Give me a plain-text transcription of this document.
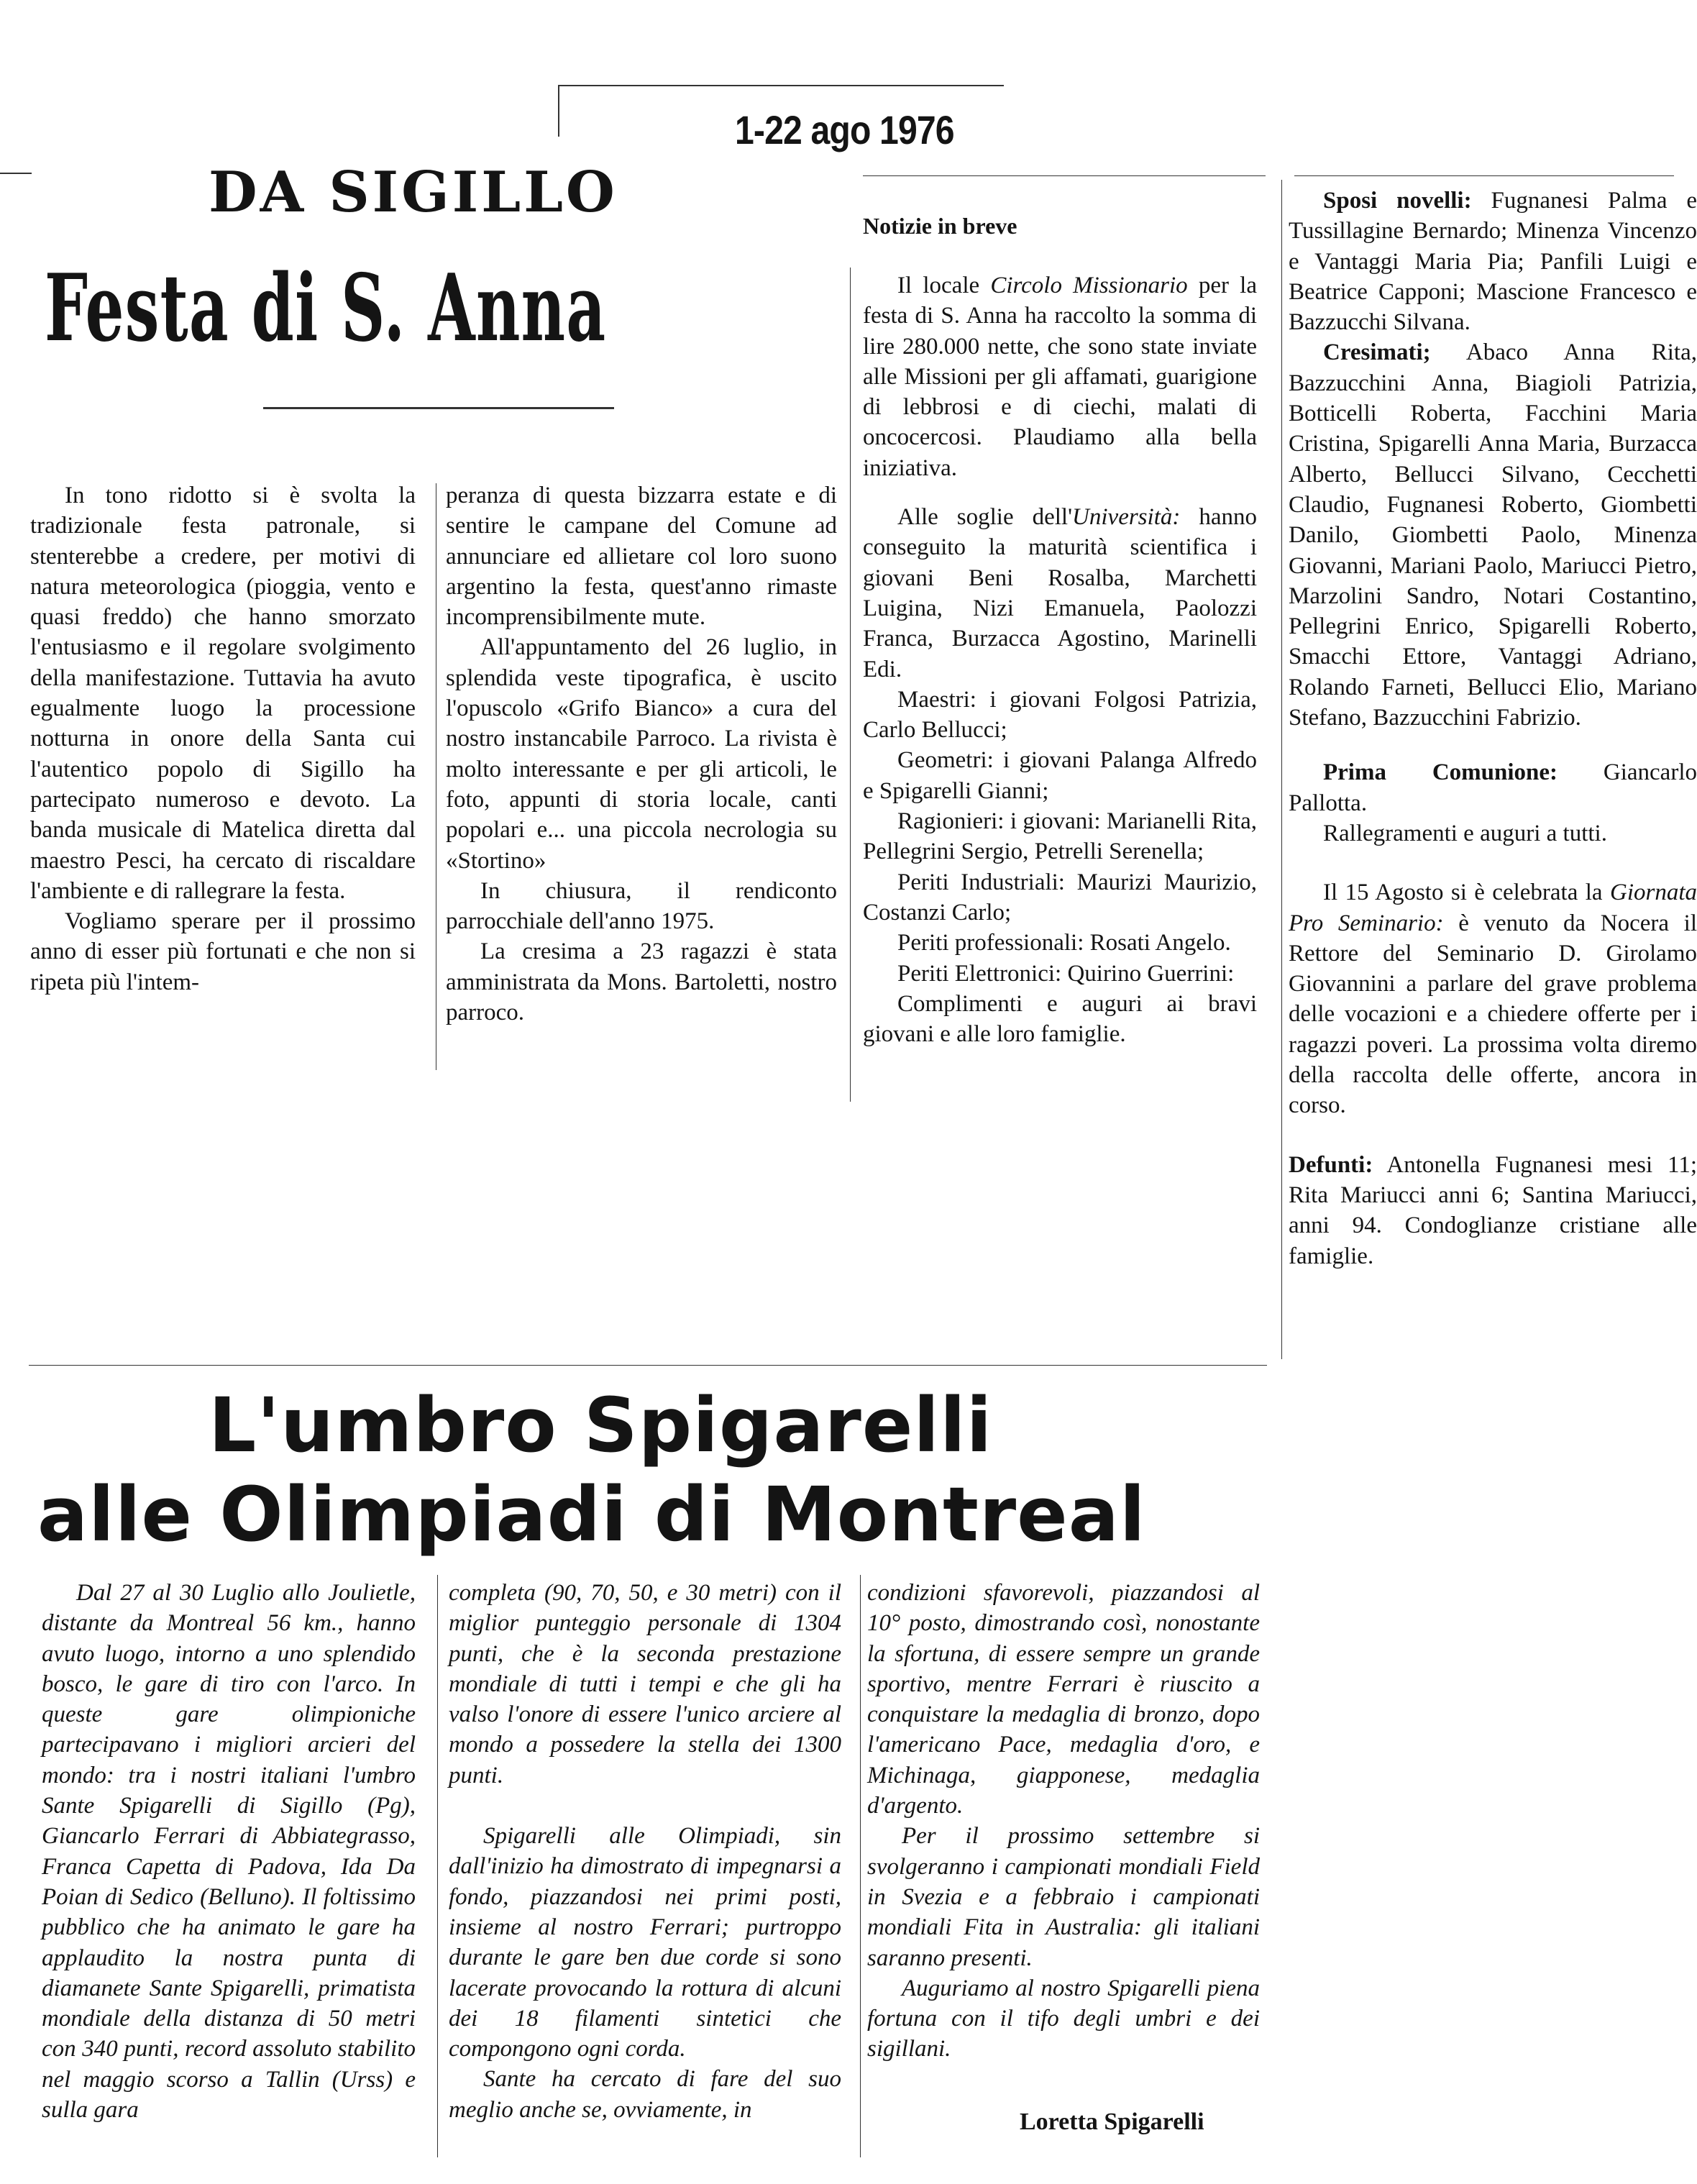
1-22 ago 1976
DA SIGILLO
Festa di S. Anna

In tono ridotto si è svolta la tradizionale festa patronale, si stenterebbe a credere, per motivi di natura meteorologica (pioggia, vento e quasi freddo) che hanno smorzato l'entusiasmo e il regolare svolgimento della manifestazione. Tuttavia ha avuto egualmente luogo la processione notturna in onore della Santa cui l'autentico popolo di Sigillo ha partecipato numeroso e devoto. La banda musicale di Matelica diretta dal maestro Pesci, ha cercato di riscaldare l'ambiente e di rallegrare la festa.

Vogliamo sperare per il prossimo anno di esser più fortunati e che non si ripeta più l'intem-

peranza di questa bizzarra estate e di sentire le campane del Comune ad annunciare ed allietare col loro suono argentino la festa, quest'anno rimaste incomprensibilmente mute.

All'appuntamento del 26 luglio, in splendida veste tipografica, è uscito l'opuscolo «Grifo Bianco» a cura del nostro instancabile Parroco. La rivista è molto interessante e per gli articoli, le foto, appunti di storia locale, canti popolari e... una piccola necrologia su «Stortino»

In chiusura, il rendiconto parrocchiale dell'anno 1975.

La cresima a 23 ragazzi è stata amministrata da Mons. Bartoletti, nostro parroco.

Notizie in breve

Il locale Circolo Missionario per la festa di S. Anna ha raccolto la somma di lire 280.000 nette, che sono state inviate alle Missioni per gli affamati, guarigione di lebbrosi e di ciechi, malati di oncocercosi. Plaudiamo alla bella iniziativa.

Alle soglie dell'Università: hanno conseguito la maturità scientifica i giovani Beni Rosalba, Marchetti Luigina, Nizi Emanuela, Paolozzi Franca, Burzacca Agostino, Marinelli Edi.

Maestri: i giovani Folgosi Patrizia, Carlo Bellucci;

Geometri: i giovani Palanga Alfredo e Spigarelli Gianni;

Ragionieri: i giovani: Marianelli Rita, Pellegrini Sergio, Petrelli Serenella;

Periti Industriali: Maurizi Maurizio, Costanzi Carlo;

Periti professionali: Rosati Angelo.

Periti Elettronici: Quirino Guerrini:

Complimenti e auguri ai bravi giovani e alle loro famiglie.

Sposi novelli: Fugnanesi Palma e Tussillagine Bernardo; Minenza Vincenzo e Vantaggi Maria Pia; Panfili Luigi e Beatrice Capponi; Mascione Francesco e Bazzucchi Silvana.

Cresimati; Abaco Anna Rita, Bazzucchini Anna, Biagioli Patrizia, Botticelli Roberta, Facchini Maria Cristina, Spigarelli Anna Maria, Burzacca Alberto, Bellucci Silvano, Cecchetti Claudio, Fugnanesi Roberto, Giombetti Danilo, Giombetti Paolo, Minenza Giovanni, Mariani Paolo, Mariucci Pietro, Marzolini Sandro, Notari Costantino, Pellegrini Enrico, Spigarelli Roberto, Smacchi Ettore, Vantaggi Adriano, Rolando Farneti, Bellucci Elio, Mariano Stefano, Bazzucchini Fabrizio.

Prima Comunione: Giancarlo Pallotta.

Rallegramenti e auguri a tutti.

Il 15 Agosto si è celebrata la Giornata Pro Seminario: è venuto da Nocera il Rettore del Seminario D. Girolamo Giovannini a parlare del grave problema delle vocazioni e a chiedere offerte per i ragazzi poveri. La prossima volta diremo della raccolta delle offerte, ancora in corso.

Defunti: Antonella Fugnanesi mesi 11; Rita Mariucci anni 6; Santina Mariucci, anni 94. Condoglianze cristiane alle famiglie.

L'umbro Spigarelli
alle Olimpiadi di Montreal

Dal 27 al 30 Luglio allo Joulietle, distante da Montreal 56 km., hanno avuto luogo, intorno a uno splendido bosco, le gare di tiro con l'arco. In queste gare olimpioniche partecipavano i migliori arcieri del mondo: tra i nostri italiani l'umbro Sante Spigarelli di Sigillo (Pg), Giancarlo Ferrari di Abbiategrasso, Franca Capetta di Padova, Ida Da Poian di Sedico (Belluno). Il foltissimo pubblico che ha animato le gare ha applaudito la nostra punta di diamanete Sante Spigarelli, primatista mondiale della distanza di 50 metri con 340 punti, record assoluto stabilito nel maggio scorso a Tallin (Urss) e sulla gara

completa (90, 70, 50, e 30 metri) con il miglior punteggio personale di 1304 punti, che è la seconda prestazione mondiale di tutti i tempi e che gli ha valso l'onore di essere l'unico arciere al mondo a possedere la stella dei 1300 punti.

Spigarelli alle Olimpiadi, sin dall'inizio ha dimostrato di impegnarsi a fondo, piazzandosi nei primi posti, insieme al nostro Ferrari; purtroppo durante le gare ben due corde si sono lacerate provocando la rottura di alcuni dei 18 filamenti sintetici che compongono ogni corda.

Sante ha cercato di fare del suo meglio anche se, ovviamente, in

condizioni sfavorevoli, piazzandosi al 10° posto, dimostrando così, nonostante la sfortuna, di essere sempre un grande sportivo, mentre Ferrari è riuscito a conquistare la medaglia di bronzo, dopo l'americano Pace, medaglia d'oro, e Michinaga, giapponese, medaglia d'argento.

Per il prossimo settembre si svolgeranno i campionati mondiali Field in Svezia e a febbraio i campionati mondiali Fita in Australia: gli italiani saranno presenti.

Auguriamo al nostro Spigarelli piena fortuna con il tifo degli umbri e dei sigillani.

Loretta Spigarelli
